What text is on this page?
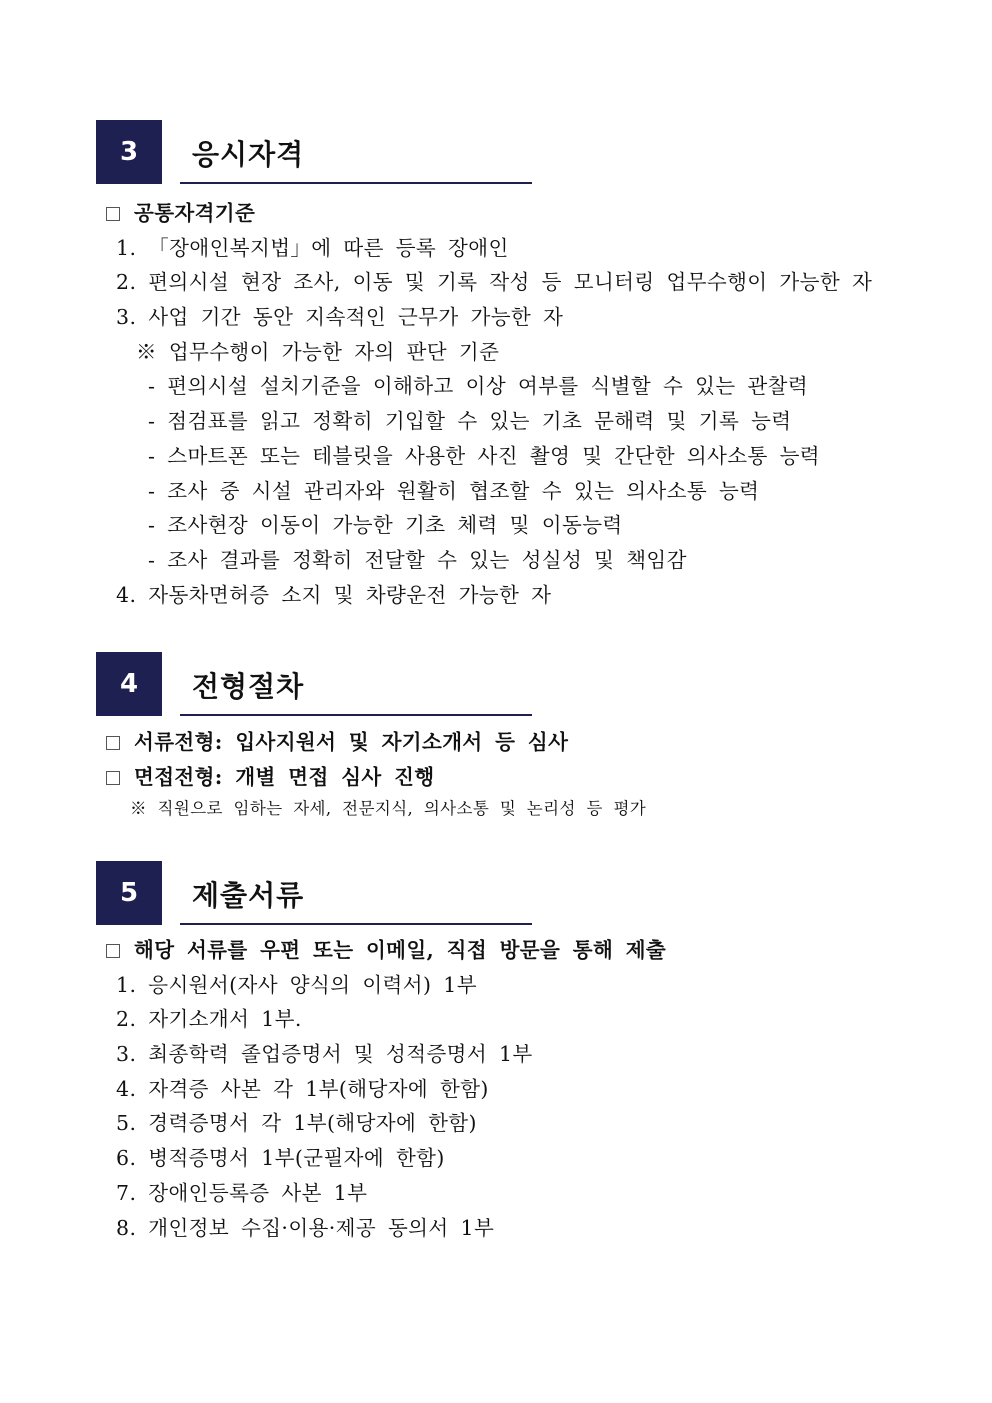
3	응시자격
공통자격기준
1. 「장애인복지법」에 따른 등록 장애인
2. 편의시설 현장 조사, 이동 및 기록 작성 등 모니터링 업무수행이 가능한 자
3. 사업 기간 동안 지속적인 근무가 가능한 자
※ 업무수행이 가능한 자의 판단 기준
- 편의시설 설치기준을 이해하고 이상 여부를 식별할 수 있는 관찰력
- 점검표를 읽고 정확히 기입할 수 있는 기초 문해력 및 기록 능력
- 스마트폰 또는 테블릿을 사용한 사진 촬영 및 간단한 의사소통 능력
- 조사 중 시설 관리자와 원활히 협조할 수 있는 의사소통 능력
- 조사현장 이동이 가능한 기초 체력 및 이동능력
- 조사 결과를 정확히 전달할 수 있는 성실성 및 책임감
4. 자동차면허증 소지 및 차량운전 가능한 자
4	전형절차
서류전형: 입사지원서 및 자기소개서 등 심사
면접전형: 개별 면접 심사 진행
※ 직원으로 임하는 자세, 전문지식, 의사소통 및 논리성 등 평가
5	제출서류
해당 서류를 우편 또는 이메일, 직접 방문을 통해 제출
1. 응시원서(자사 양식의 이력서) 1부
2. 자기소개서 1부.
3. 최종학력 졸업증명서 및 성적증명서 1부
4. 자격증 사본 각 1부(해당자에 한함)
5. 경력증명서 각 1부(해당자에 한함)
6. 병적증명서 1부(군필자에 한함)
7. 장애인등록증 사본 1부
8. 개인정보 수집·이용·제공 동의서 1부
